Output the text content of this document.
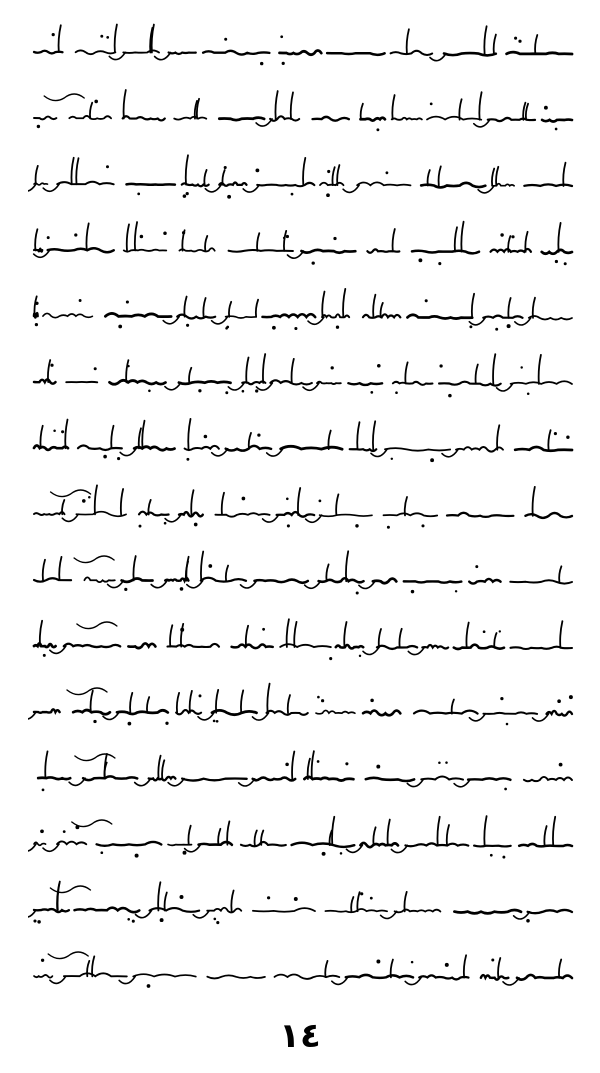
١٤
